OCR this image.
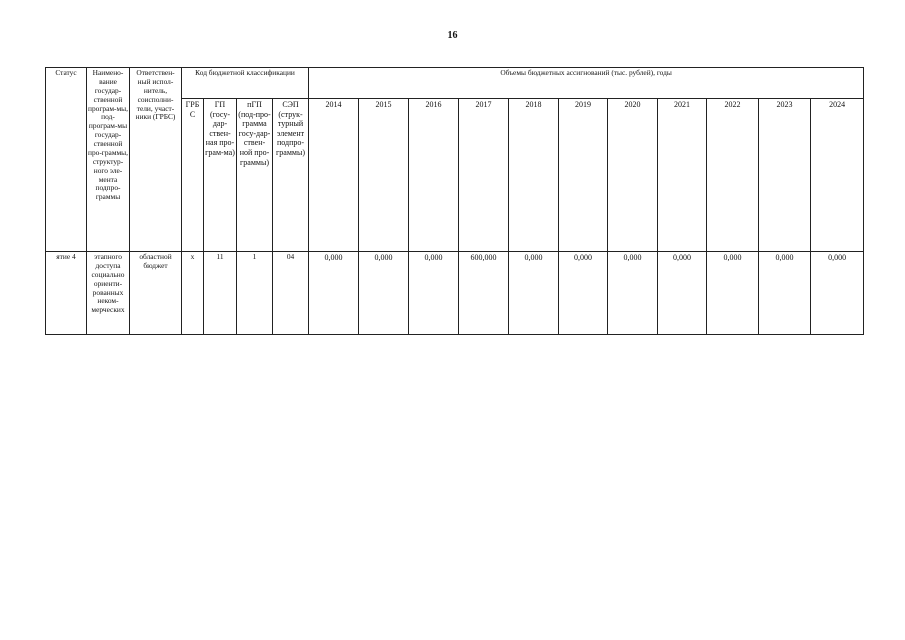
16
Статус	Наимено-вание государ-ственной програм-мы, под-програм-мы государ-ственной про-граммы, структур-ного эле-мента подпро-граммы	Ответствен-ный испол-нитель, соисполни-тели, участ-ники (ГРБС)	Код бюджетной классификации				Объемы бюджетных ассигнований (тыс. рублей), годы										
			ГРБ С	ГП (госу-дар-ствен-ная про-грам-ма)	пГП (под-про-грамма госу-дар-ствен-ной про-граммы)	СЭП (струк-турный элемент подпро-граммы)	2014	2015	2016	2017	2018	2019	2020	2021	2022	2023	2024
ятие 4	этапного доступа социально ориенти-рованных неком-мерческих	областной бюджет	х	11	1	04	0,000	0,000	0,000	600,000	0,000	0,000	0,000	0,000	0,000	0,000	0,000
